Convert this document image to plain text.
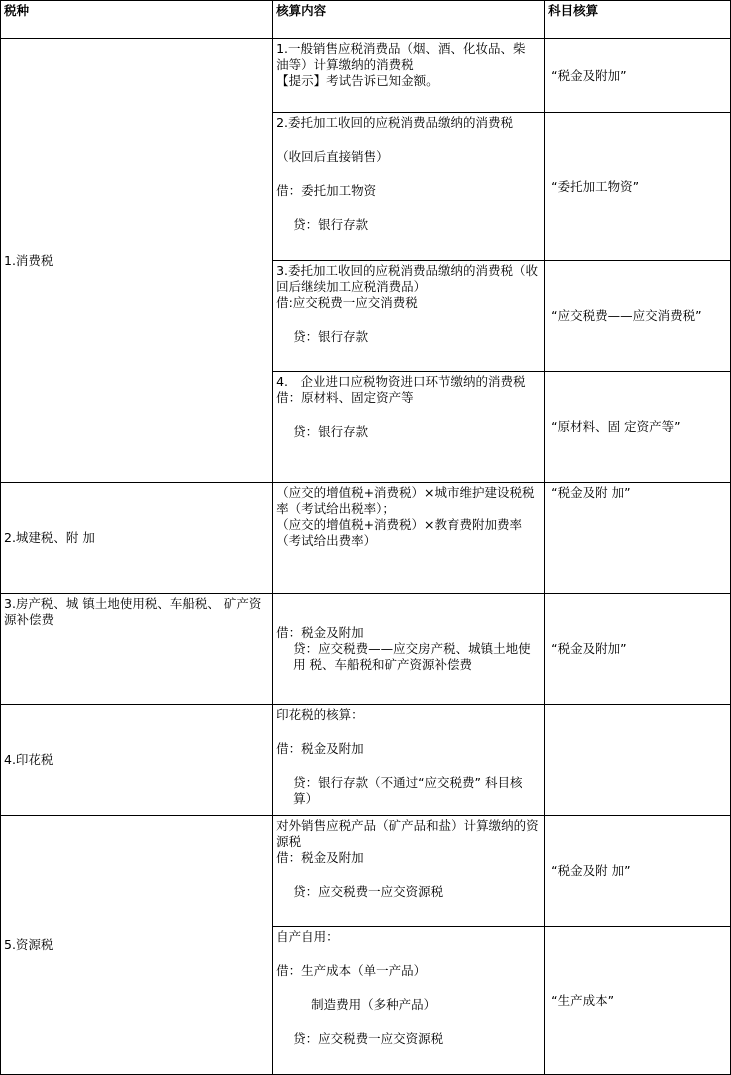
税种	核算内容	科目核算
1.消费税	1.一般销售应税消费品（烟、酒、化妆品、柴 油等）计算缴纳的消费税
【提示】考试告诉已知金额。	“税金及附加”

	2.委托加工收回的应税消费品缴纳的消费税
（收回后直接销售）
借：委托加工物资
贷：银行存款	“委托加工物资”

	3.委托加工收回的应税消费品缴纳的消费税（收回后继续加工应税消费品）
借:应交税费一应交消费税
贷：银行存款	“应交税费——应交消费税”

	4.　企业进口应税物资进口环节缴纳的消费税
借：原材料、固定资产等
贷：银行存款	“原材料、固 定资产等”
2.城建税、附 加	（应交的增值税+消费税）×城市维护建设税税率（考试给出税率）；
（应交的增值税+消费税）×教育费附加费率
（考试给出费率）	“税金及附 加”
3.房产税、城 镇土地使用税、车船税、 矿产资源补偿费	借：税金及附加
贷：应交税费——应交房产税、城镇土地使用 税、车船税和矿产资源补偿费	“税金及附加”
4.印花税	印花税的核算：
借：税金及附加
贷：银行存款（不通过“应交税费” 科目核 算）	

5.资源税	对外销售应税产品（矿产品和盐）计算缴纳的资源税
借：税金及附加
贷：应交税费一应交资源税	“税金及附 加”

	自产自用：
借：生产成本（单一产品）
制造费用（多种产品）
贷：应交税费一应交资源税	“生产成本”
